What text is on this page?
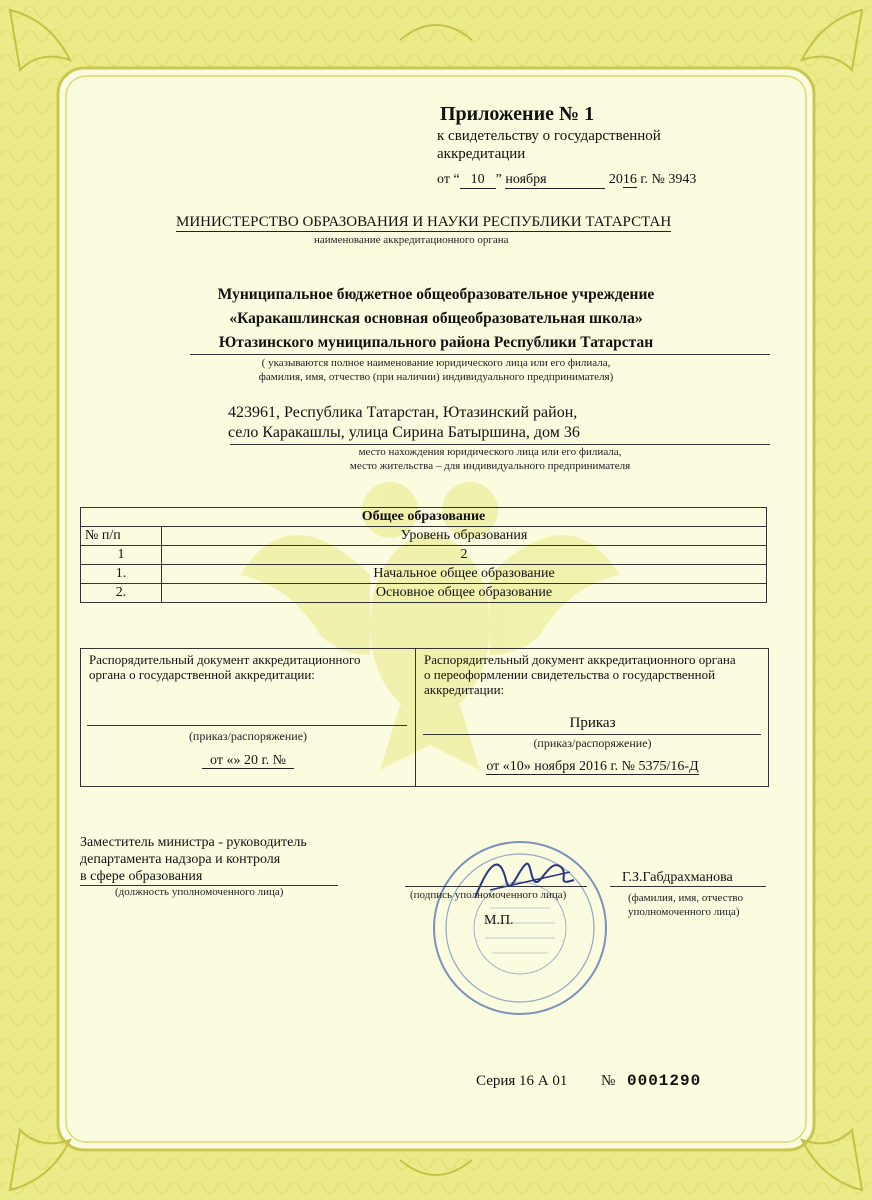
Приложение № 1
к свидетельству о государственной
аккредитации
от “ 10 ” ноября	2016 г. № 3943
МИНИСТЕРСТВО ОБРАЗОВАНИЯ И НАУКИ РЕСПУБЛИКИ ТАТАРСТАН
наименование аккредитационного органа
Муниципальное бюджетное общеобразовательное учреждение
«Каракашлинская основная общеобразовательная школа»
Ютазинского муниципального района Республики Татарстан
( указываются полное наименование юридического лица или его филиала,
фамилия, имя, отчество (при наличии) индивидуального предпринимателя)
423961, Республика Татарстан, Ютазинский район,
село Каракашлы, улица Сирина Батыршина, дом 36
место нахождения юридического лица или его филиала,
место жительства – для индивидуального предпринимателя
Общее образование	
№ п/п	Уровень образования
1	2
1.	Начальное общее образование
2.	Основное общее образование
Распорядительный документ аккредитационного органа о государственной аккредитации:
(приказ/распоряжение)
от «» 20 г. №
Распорядительный документ аккредитационного органа о переоформлении свидетельства о государственной аккредитации:
Приказ
(приказ/распоряжение)
от «10» ноября 2016 г. № 5375/16-Д
Заместитель министра - руководитель
департамента надзора и контроля
в сфере образования
(должность уполномоченного лица)	(подпись уполномоченного лица)
Г.З.Габдрахманова
(фамилия, имя, отчество
уполномоченного лица)
М.П.
Серия 16 А 01 № 0001290
